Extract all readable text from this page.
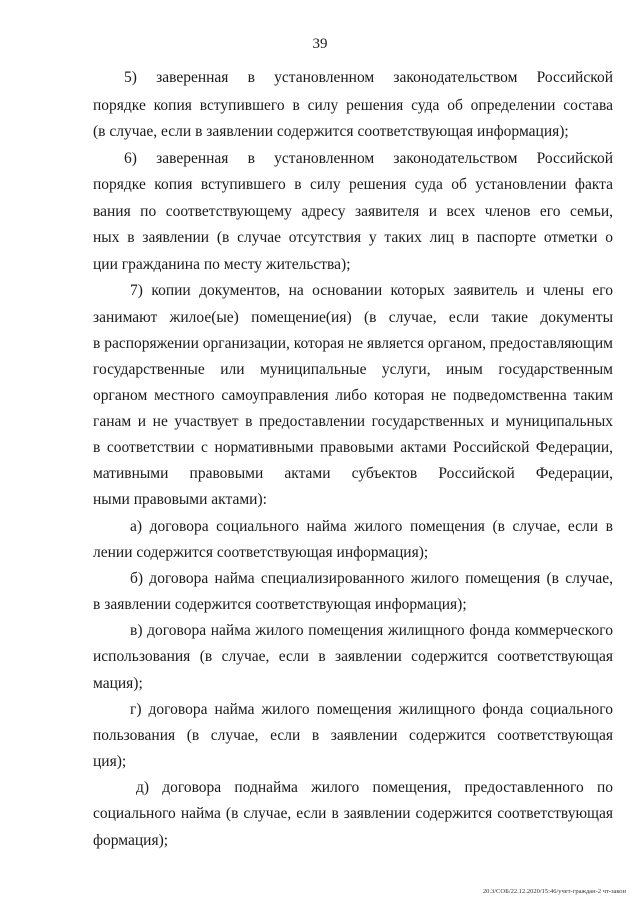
39
5) заверенная в установленном законодательством Российской
порядке копия вступившего в силу решения суда об определении состава
(в случае, если в заявлении содержится соответствующая информация);
6) заверенная в установленном законодательством Российской
порядке копия вступившего в силу решения суда об установлении факта
вания по соответствующему адресу заявителя и всех членов его семьи,
ных в заявлении (в случае отсутствия у таких лиц в паспорте отметки о
ции гражданина по месту жительства);
7) копии документов, на основании которых заявитель и члены его
занимают жилое(ые) помещение(ия) (в случае, если такие документы
в распоряжении организации, которая не является органом, предоставляющим
государственные или муниципальные услуги, иным государственным
органом местного самоуправления либо которая не подведомственна таким
ганам и не участвует в предоставлении государственных и муниципальных
в соответствии с нормативными правовыми актами Российской Федерации,
мативными правовыми актами субъектов Российской Федерации,
ными правовыми актами):
а) договора социального найма жилого помещения (в случае, если в
лении содержится соответствующая информация);
б) договора найма специализированного жилого помещения (в случае,
в заявлении содержится соответствующая информация);
в) договора найма жилого помещения жилищного фонда коммерческого
использования (в случае, если в заявлении содержится соответствующая
мация);
г) договора найма жилого помещения жилищного фонда социального
пользования (в случае, если в заявлении содержится соответствующая
ция);
д) договора поднайма жилого помещения, предоставленного по
социального найма (в случае, если в заявлении содержится соответствующая
формация);
20.3/СОБ/22.12.2020/15:46/учет-граждан-2 чт-закон
